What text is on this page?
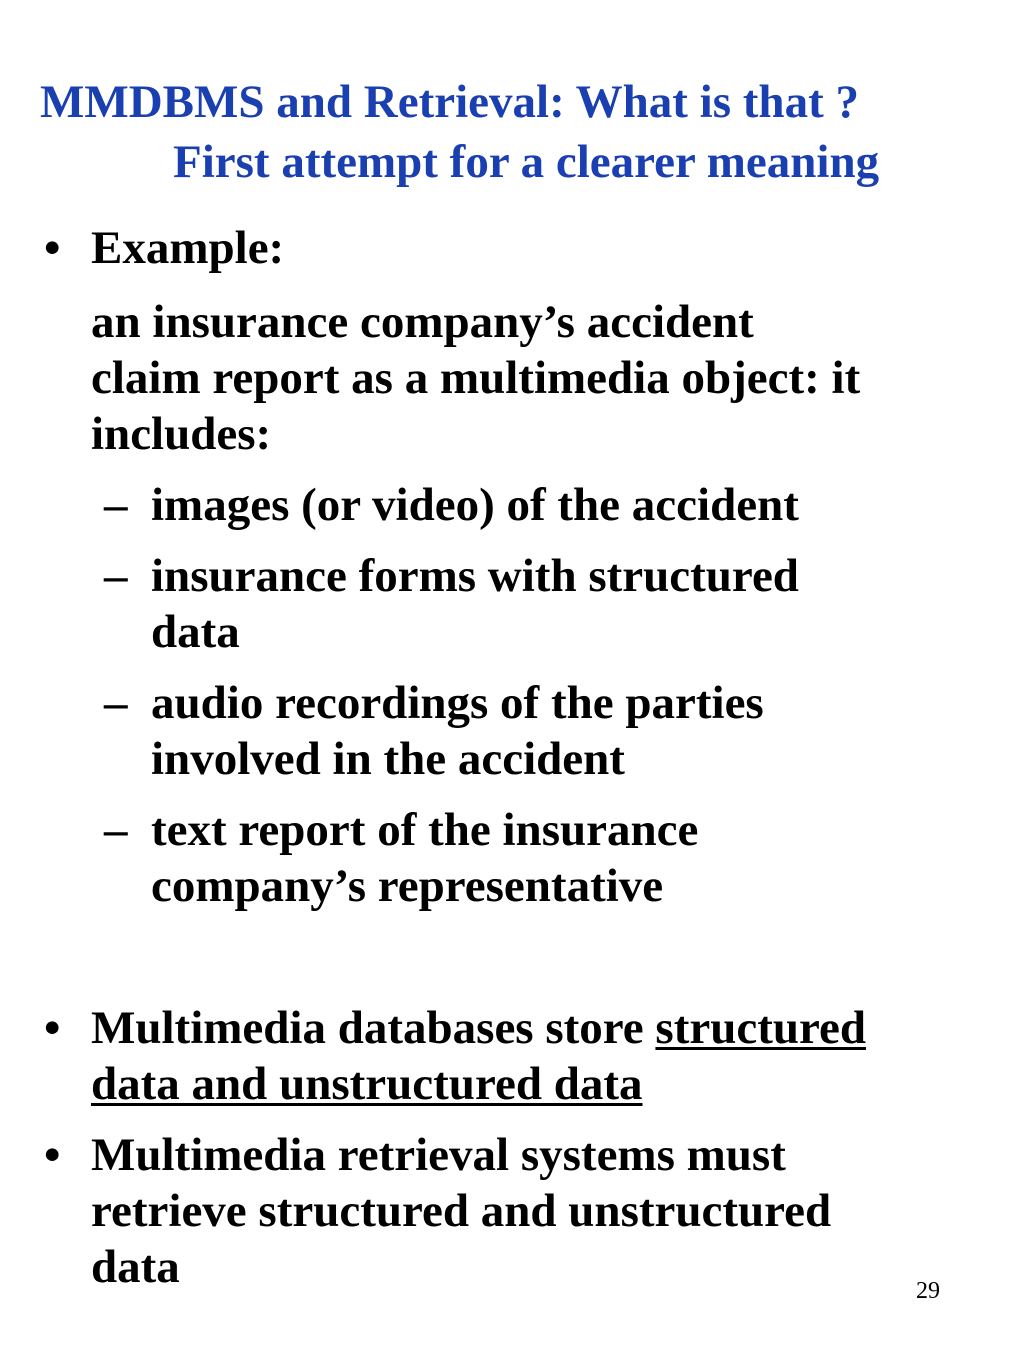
MMDBMS and Retrieval: What is that ?
First attempt for a clearer meaning
• Example:
an insurance company’s accident
claim report as a multimedia object: it
includes:
– images (or video) of the accident
– insurance forms with structured
data
– audio recordings of the parties
involved in the accident
– text report of the insurance
company’s representative
• Multimedia databases store structured
data and unstructured data
• Multimedia retrieval systems must
retrieve structured and unstructured
data	29
